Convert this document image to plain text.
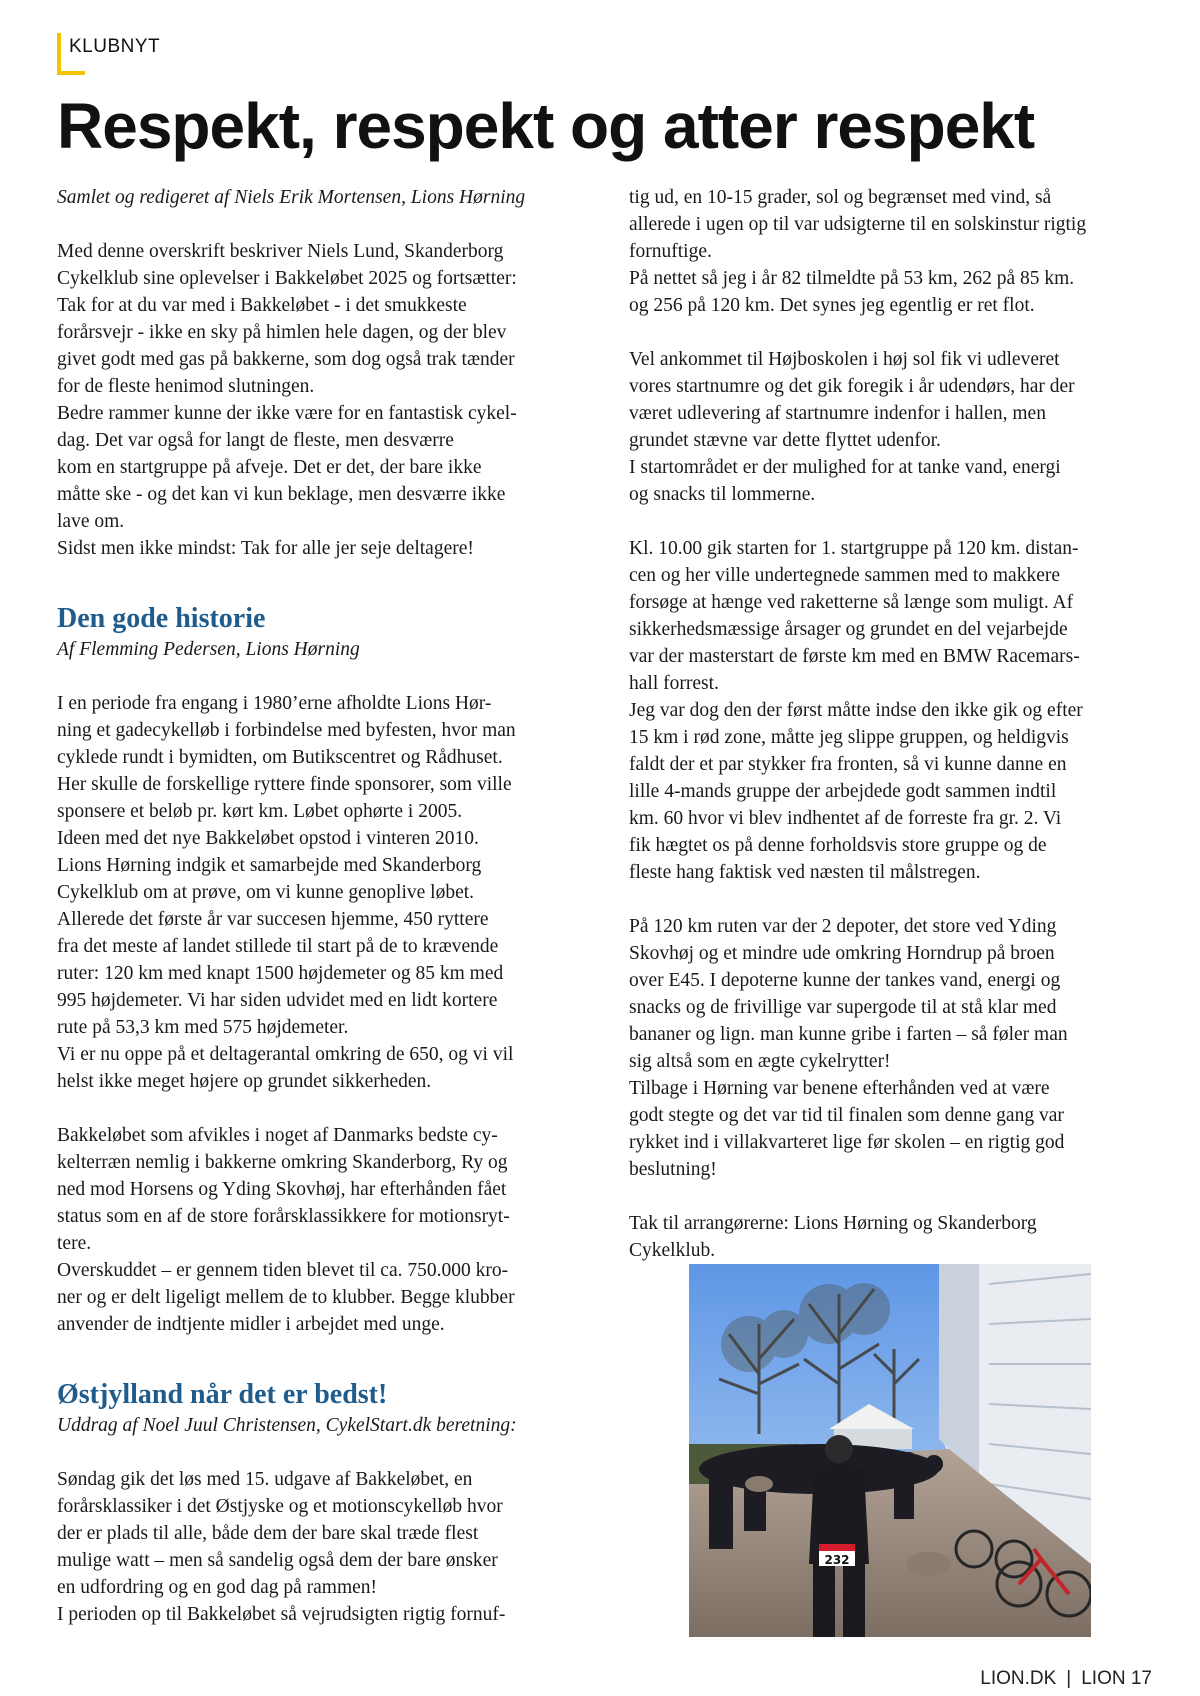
KLUBNYT
Respekt, respekt og atter respekt

Samlet og redigeret af Niels Erik Mortensen, Lions Hørning

Med denne overskrift beskriver Niels Lund, Skanderborg
Cykelklub sine oplevelser i Bakkeløbet 2025 og fortsætter:
Tak for at du var med i Bakkeløbet - i det smukkeste
forårsvejr - ikke en sky på himlen hele dagen, og der blev
givet godt med gas på bakkerne, som dog også trak tænder
for de fleste henimod slutningen.
Bedre rammer kunne der ikke være for en fantastisk cykel-
dag. Det var også for langt de fleste, men desværre
kom en startgruppe på afveje. Det er det, der bare ikke
måtte ske - og det kan vi kun beklage, men desværre ikke
lave om.
Sidst men ikke mindst: Tak for alle jer seje deltagere!

Den gode historie

Af Flemming Pedersen, Lions Hørning

I en periode fra engang i 1980’erne afholdte Lions Hør-
ning et gadecykelløb i forbindelse med byfesten, hvor man
cyklede rundt i bymidten, om Butikscentret og Rådhuset.
Her skulle de forskellige ryttere finde sponsorer, som ville
sponsere et beløb pr. kørt km. Løbet ophørte i 2005.
Ideen med det nye Bakkeløbet opstod i vinteren 2010.
Lions Hørning indgik et samarbejde med Skanderborg
Cykelklub om at prøve, om vi kunne genoplive løbet.
Allerede det første år var succesen hjemme, 450 ryttere
fra det meste af landet stillede til start på de to krævende
ruter: 120 km med knapt 1500 højdemeter og 85 km med
995 højdemeter. Vi har siden udvidet med en lidt kortere
rute på 53,3 km med 575 højdemeter.
Vi er nu oppe på et deltagerantal omkring de 650, og vi vil
helst ikke meget højere op grundet sikkerheden.

Bakkeløbet som afvikles i noget af Danmarks bedste cy-
kelterræn nemlig i bakkerne omkring Skanderborg, Ry og
ned mod Horsens og Yding Skovhøj, har efterhånden fået
status som en af de store forårsklassikkere for motionsryt-
tere.
Overskuddet – er gennem tiden blevet til ca. 750.000 kro-
ner og er delt ligeligt mellem de to klubber. Begge klubber
anvender de indtjente midler i arbejdet med unge.

Østjylland når det er bedst!

Uddrag af Noel Juul Christensen, CykelStart.dk beretning:

Søndag gik det løs med 15. udgave af Bakkeløbet, en
forårsklassiker i det Østjyske og et motionscykelløb hvor
der er plads til alle, både dem der bare skal træde flest
mulige watt – men så sandelig også dem der bare ønsker
en udfordring og en god dag på rammen!
I perioden op til Bakkeløbet så vejrudsigten rigtig fornuf-

tig ud, en 10-15 grader, sol og begrænset med vind, så
allerede i ugen op til var udsigterne til en solskinstur rigtig
fornuftige.
På nettet så jeg i år 82 tilmeldte på 53 km, 262 på 85 km.
og 256 på 120 km. Det synes jeg egentlig er ret flot.

Vel ankommet til Højboskolen i høj sol fik vi udleveret
vores startnumre og det gik foregik i år udendørs, har der
været udlevering af startnumre indenfor i hallen, men
grundet stævne var dette flyttet udenfor.
I startområdet er der mulighed for at tanke vand, energi
og snacks til lommerne.

Kl. 10.00 gik starten for 1. startgruppe på 120 km. distan-
cen og her ville undertegnede sammen med to makkere
forsøge at hænge ved raketterne så længe som muligt. Af
sikkerhedsmæssige årsager og grundet en del vejarbejde
var der masterstart de første km med en BMW Racemars-
hall forrest.
Jeg var dog den der først måtte indse den ikke gik og efter
15 km i rød zone, måtte jeg slippe gruppen, og heldigvis
faldt der et par stykker fra fronten, så vi kunne danne en
lille 4-mands gruppe der arbejdede godt sammen indtil
km. 60 hvor vi blev indhentet af de forreste fra gr. 2. Vi
fik hægtet os på denne forholdsvis store gruppe og de
fleste hang faktisk ved næsten til målstregen.

På 120 km ruten var der 2 depoter, det store ved Yding
Skovhøj og et mindre ude omkring Horndrup på broen
over E45. I depoterne kunne der tankes vand, energi og
snacks og de frivillige var supergode til at stå klar med
bananer og lign. man kunne gribe i farten – så føler man
sig altså som en ægte cykelrytter!
Tilbage i Hørning var benene efterhånden ved at være
godt stegte og det var tid til finalen som denne gang var
rykket ind i villakvarteret lige før skolen – en rigtig god
beslutning!

Tak til arrangørerne: Lions Hørning og Skanderborg
Cykelklub.

232
LION.DK | LION 17
